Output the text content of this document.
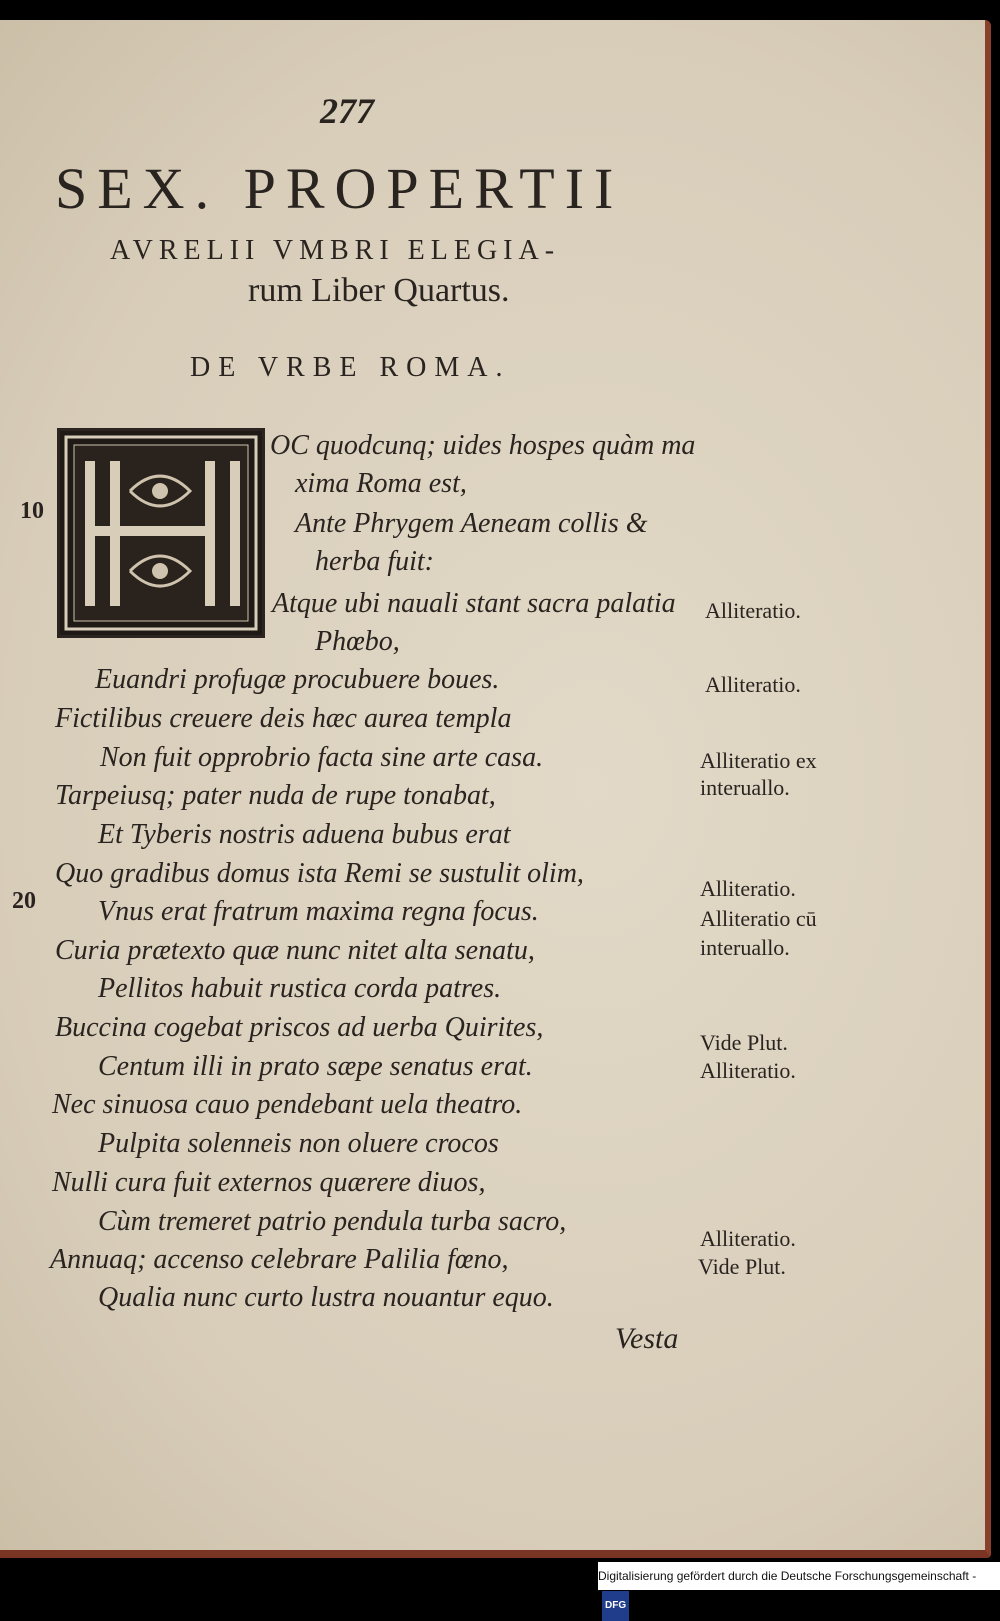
277
SEX. PROPERTII
AVRELII VMBRI ELEGIA-
rum Liber Quartus.
DE VRBE ROMA.
10
20
OC quodcunq; uides hospes quàm ma
xima Roma est,
Ante Phrygem Aeneam collis &
herba fuit:
Atque ubi nauali stant sacra palatia
Phœbo,
Euandri profugæ procubuere boues.
Fictilibus creuere deis hæc aurea templa
Non fuit opprobrio facta sine arte casa.
Tarpeiusq; pater nuda de rupe tonabat,
Et Tyberis nostris aduena bubus erat
Quo gradibus domus ista Remi se sustulit olim,
Vnus erat fratrum maxima regna focus.
Curia prætexto quæ nunc nitet alta senatu,
Pellitos habuit rustica corda patres.
Buccina cogebat priscos ad uerba Quirites,
Centum illi in prato sæpe senatus erat.
Nec sinuosa cauo pendebant uela theatro.
Pulpita solenneis non oluere crocos
Nulli cura fuit externos quærere diuos,
Cùm tremeret patrio pendula turba sacro,
Annuaq; accenso celebrare Palilia fœno,
Qualia nunc curto lustra nouantur equo.
Alliteratio.
Alliteratio.
Alliteratio ex
interuallo.
Alliteratio.
Alliteratio cū
interuallo.
Vide Plut.
Alliteratio.
Alliteratio.
Vide Plut.
Vesta
Digitalisierung gefördert durch die Deutsche Forschungsgemeinschaft -DFG
